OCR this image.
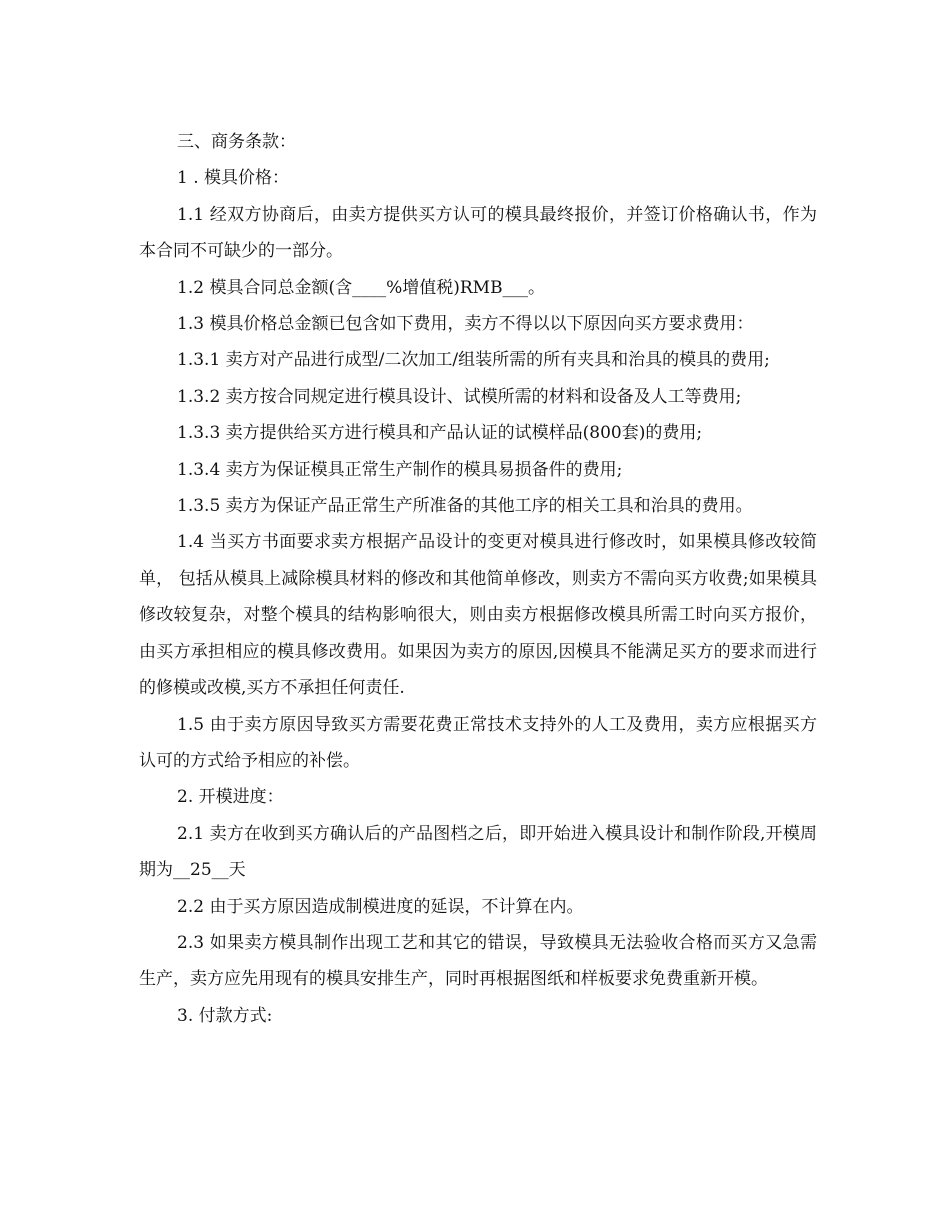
三、商务条款：

1 . 模具价格：

1.1 经双方协商后，由卖方提供买方认可的模具最终报价，并签订价格确认书，作为本合同不可缺少的一部分。

1.2 模具合同总金额(含____%增值税)RMB___。

1.3 模具价格总金额已包含如下费用，卖方不得以以下原因向买方要求费用：

1.3.1 卖方对产品进行成型/二次加工/组装所需的所有夹具和治具的模具的费用;

1.3.2 卖方按合同规定进行模具设计、试模所需的材料和设备及人工等费用;

1.3.3 卖方提供给买方进行模具和产品认证的试模样品(800套)的费用;

1.3.4 卖方为保证模具正常生产制作的模具易损备件的费用;

1.3.5 卖方为保证产品正常生产所准备的其他工序的相关工具和治具的费用。

1.4 当买方书面要求卖方根据产品设计的变更对模具进行修改时，如果模具修改较简单， 包括从模具上减除模具材料的修改和其他简单修改，则卖方不需向买方收费;如果模具修改较复杂，对整个模具的结构影响很大，则由卖方根据修改模具所需工时向买方报价，由买方承担相应的模具修改费用。如果因为卖方的原因,因模具不能满足买方的要求而进行的修模或改模,买方不承担任何责任.

1.5 由于卖方原因导致买方需要花费正常技术支持外的人工及费用，卖方应根据买方认可的方式给予相应的补偿。

2. 开模进度：

2.1 卖方在收到买方确认后的产品图档之后，即开始进入模具设计和制作阶段,开模周期为__25__天

2.2 由于买方原因造成制模进度的延误，不计算在内。

2.3 如果卖方模具制作出现工艺和其它的错误，导致模具无法验收合格而买方又急需生产，卖方应先用现有的模具安排生产，同时再根据图纸和样板要求免费重新开模。

3. 付款方式:
